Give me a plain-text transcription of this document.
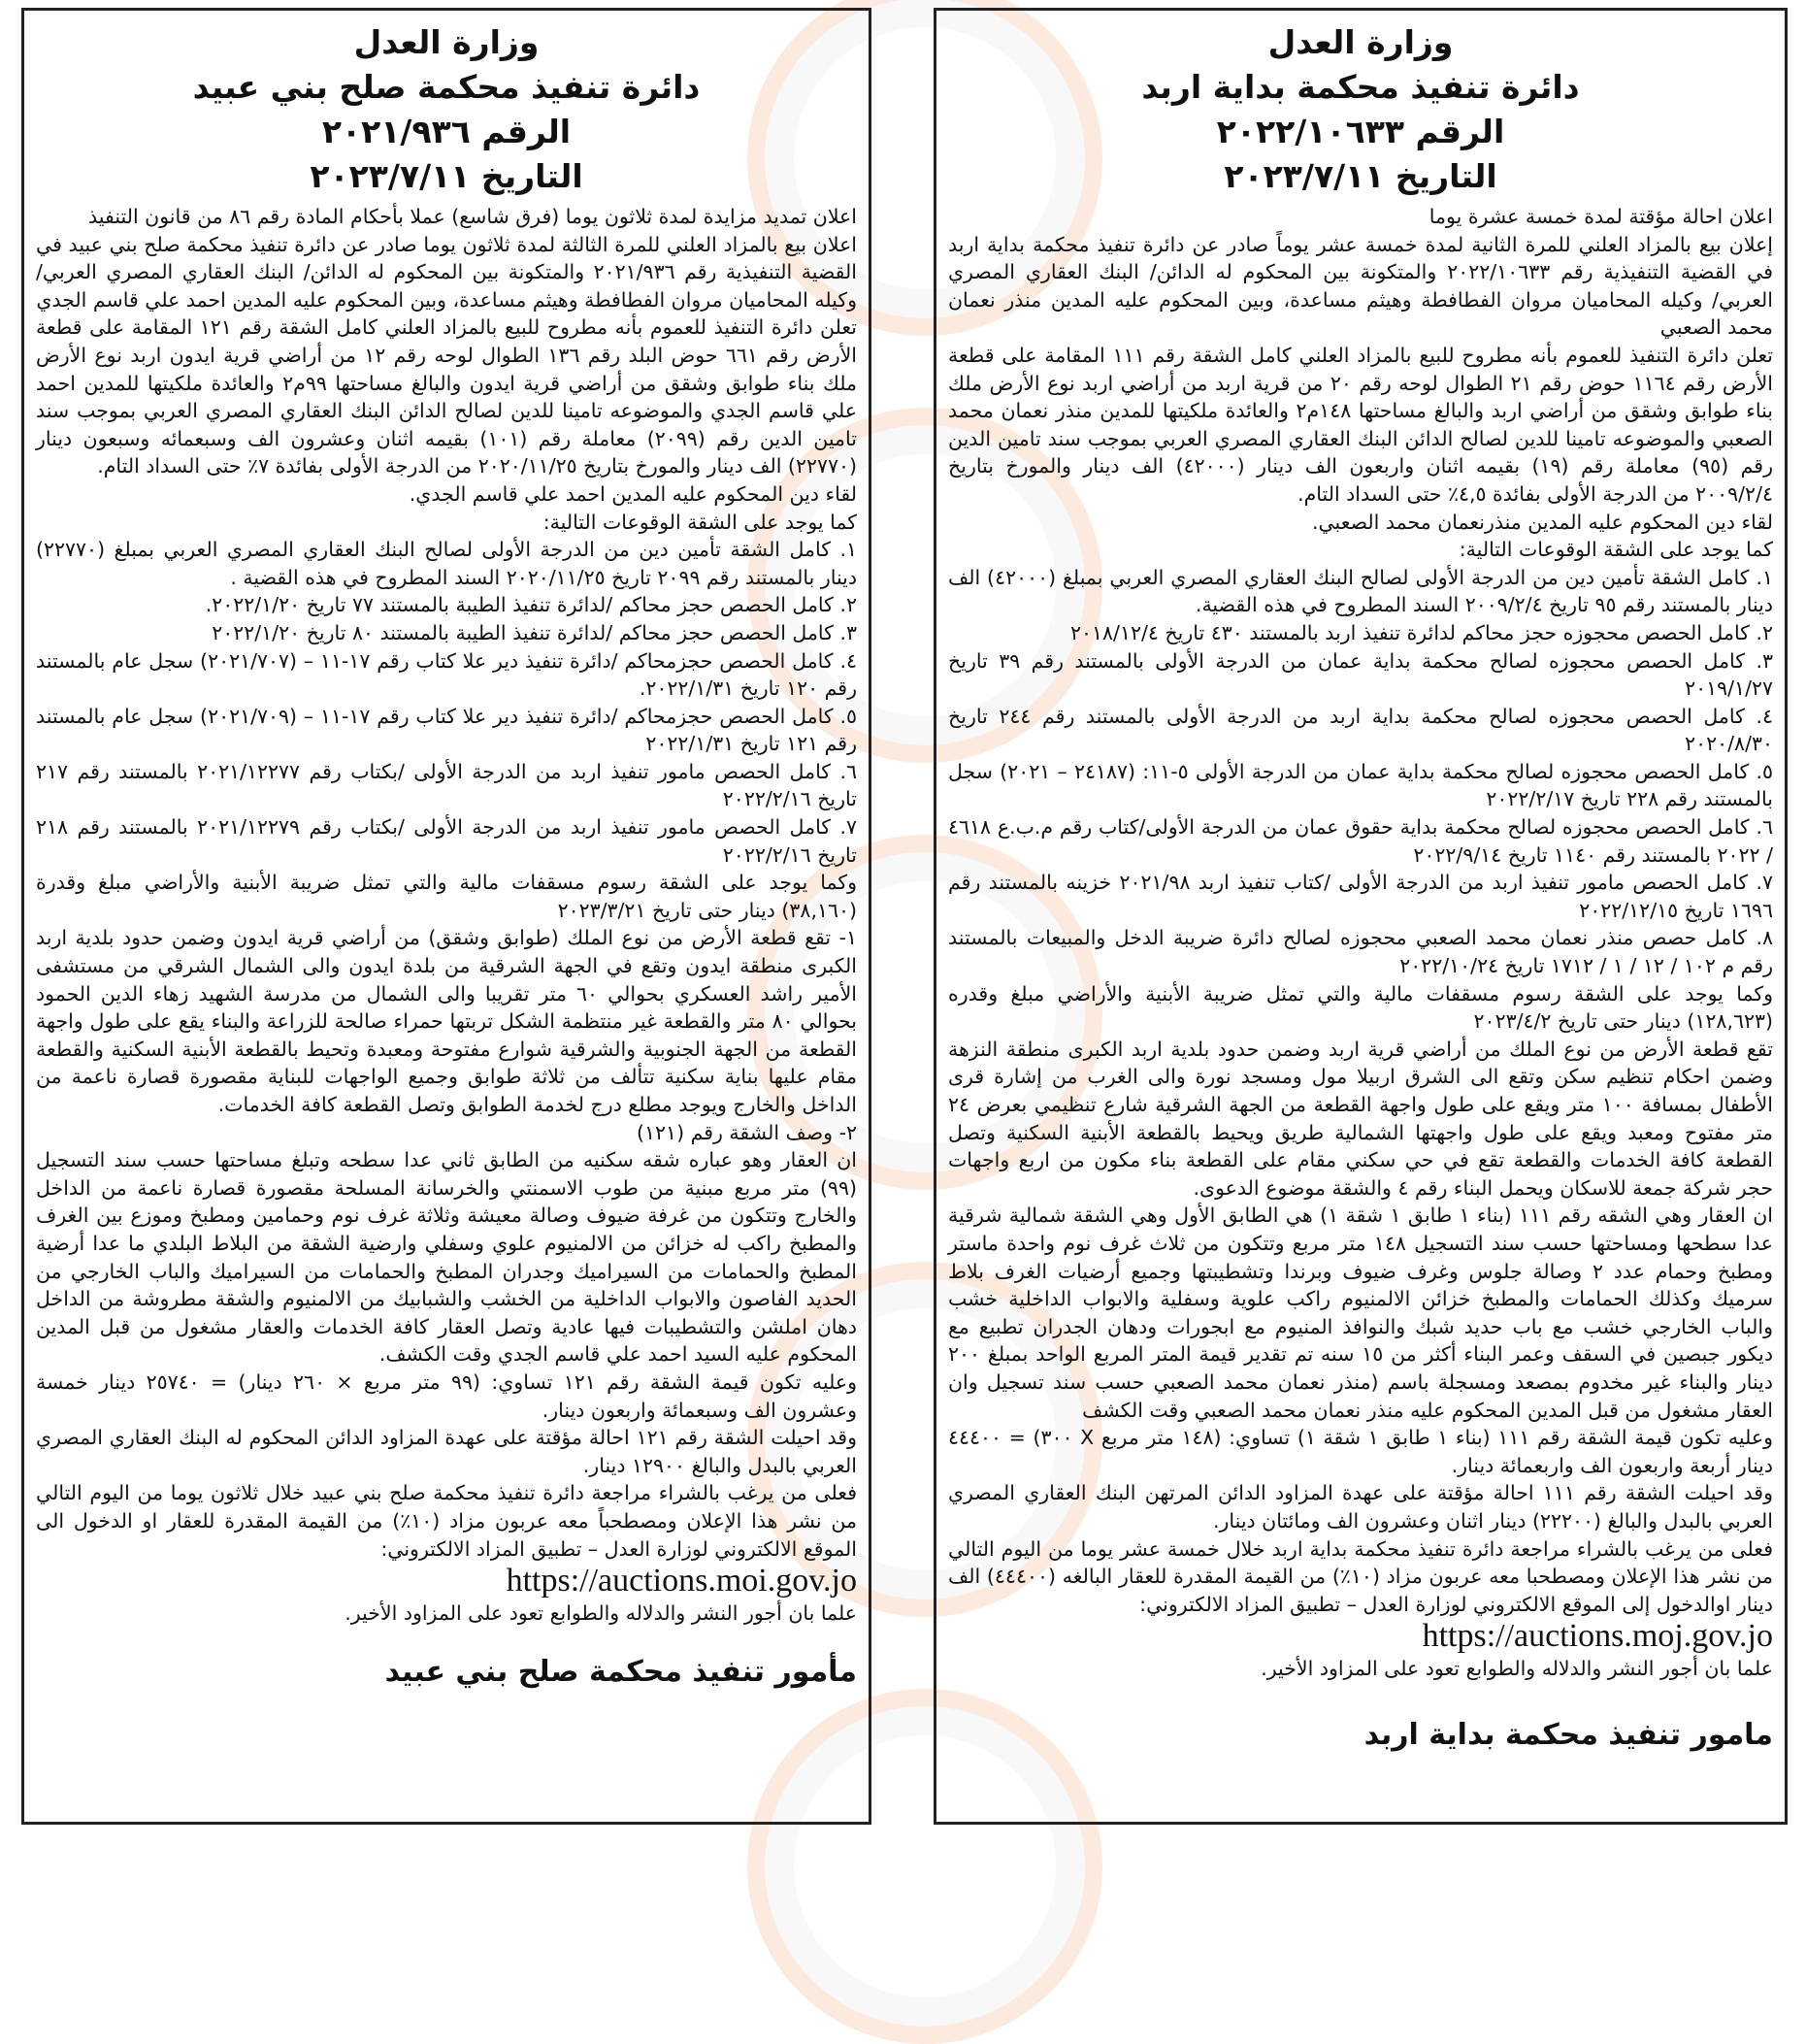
وزارة العدل
دائرة تنفيذ محكمة بداية اربد
الرقم ٢٠٢٢/١٠٦٣٣
التاريخ ٢٠٢٣/٧/١١

اعلان احالة مؤقتة لمدة خمسة عشرة يوما

إعلان بيع بالمزاد العلني للمرة الثانية لمدة خمسة عشر يوماً صادر عن دائرة تنفيذ محكمة بداية اربد في القضية التنفيذية رقم ٢٠٢٢/١٠٦٣٣ والمتكونة بين المحكوم له الدائن/ البنك العقاري المصري العربي/ وكيله المحاميان مروان الفطافطة وهيثم مساعدة، وبين المحكوم عليه المدين منذر نعمان محمد الصعبي

تعلن دائرة التنفيذ للعموم بأنه مطروح للبيع بالمزاد العلني كامل الشقة رقم ١١١ المقامة على قطعة الأرض رقم ١١٦٤ حوض رقم ٢١ الطوال لوحه رقم ٢٠ من قرية اربد من أراضي اربد نوع الأرض ملك بناء طوابق وشقق من أراضي اربد والبالغ مساحتها ١٤٨م٢ والعائدة ملكيتها للمدين منذر نعمان محمد الصعبي والموضوعه تامينا للدين لصالح الدائن البنك العقاري المصري العربي بموجب سند تامين الدين رقم (٩٥) معاملة رقم (١٩) بقيمه اثنان واربعون الف دينار (٤٢٠٠٠) الف دينار والمورخ بتاريخ ٢٠٠٩/٢/٤ من الدرجة الأولى بفائدة ٤,٥٪ حتى السداد التام.

لقاء دين المحكوم عليه المدين منذرنعمان محمد الصعبي.

كما يوجد على الشقة الوقوعات التالية:

١. كامل الشقة تأمين دين من الدرجة الأولى لصالح البنك العقاري المصري العربي بمبلغ (٤٢٠٠٠) الف دينار بالمستند رقم ٩٥ تاريخ ٢٠٠٩/٢/٤ السند المطروح في هذه القضية.

٢. كامل الحصص محجوزه حجز محاكم لدائرة تنفيذ اربد بالمستند ٤٣٠ تاريخ ٢٠١٨/١٢/٤

٣. كامل الحصص محجوزه لصالح محكمة بداية عمان من الدرجة الأولى بالمستند رقم ٣٩ تاريخ ٢٠١٩/١/٢٧

٤. كامل الحصص محجوزه لصالح محكمة بداية اربد من الدرجة الأولى بالمستند رقم ٢٤٤ تاريخ ٢٠٢٠/٨/٣٠

٥. كامل الحصص محجوزه لصالح محكمة بداية عمان من الدرجة الأولى ٥-١١: (٢٤١٨٧ – ٢٠٢١) سجل بالمستند رقم ٢٢٨ تاريخ ٢٠٢٢/٢/١٧

٦. كامل الحصص محجوزه لصالح محكمة بداية حقوق عمان من الدرجة الأولى/كتاب رقم م.ب.ع ٤٦١٨ / ٢٠٢٢ بالمستند رقم ١١٤٠ تاريخ ٢٠٢٢/٩/١٤

٧. كامل الحصص مامور تنفيذ اربد من الدرجة الأولى /كتاب تنفيذ اربد ٢٠٢١/٩٨ خزينه بالمستند رقم ١٦٩٦ تاريخ ٢٠٢٢/١٢/١٥

٨. كامل حصص منذر نعمان محمد الصعبي محجوزه لصالح دائرة ضريبة الدخل والمبيعات بالمستند رقم م ١٠٢ / ١٢ / ١ / ١٧١٢ تاريخ ٢٠٢٢/١٠/٢٤

وكما يوجد على الشقة رسوم مسقفات مالية والتي تمثل ضريبة الأبنية والأراضي مبلغ وقدره (١٢٨,٦٢٣) دينار حتى تاريخ ٢٠٢٣/٤/٢

تقع قطعة الأرض من نوع الملك من أراضي قرية اربد وضمن حدود بلدية اربد الكبرى منطقة النزهة وضمن احكام تنظيم سكن وتقع الى الشرق اربيلا مول ومسجد نورة والى الغرب من إشارة قرى الأطفال بمسافة ١٠٠ متر ويقع على طول واجهة القطعة من الجهة الشرقية شارع تنظيمي بعرض ٢٤ متر مفتوح ومعبد ويقع على طول واجهتها الشمالية طريق ويحيط بالقطعة الأبنية السكنية وتصل القطعة كافة الخدمات والقطعة تقع في حي سكني مقام على القطعة بناء مكون من اربع واجهات حجر شركة جمعة للاسكان ويحمل البناء رقم ٤ والشقة موضوع الدعوى.

ان العقار وهي الشقه رقم ١١١ (بناء ١ طابق ١ شقة ١) هي الطابق الأول وهي الشقة شمالية شرقية عدا سطحها ومساحتها حسب سند التسجيل ١٤٨ متر مربع وتتكون من ثلاث غرف نوم واحدة ماستر ومطبخ وحمام عدد ٢ وصالة جلوس وغرف ضيوف وبرندا وتشطيبتها وجميع أرضيات الغرف بلاط سرميك وكذلك الحمامات والمطبخ خزائن الالمنيوم راكب علوية وسفلية والابواب الداخلية خشب والباب الخارجي خشب مع باب حديد شبك والنوافذ المنيوم مع ابجورات ودهان الجدران تطبيع مع ديكور جبصين في السقف وعمر البناء أكثر من ١٥ سنه تم تقدير قيمة المتر المربع الواحد بمبلغ ٢٠٠ دينار والبناء غير مخدوم بمصعد ومسجلة باسم (منذر نعمان محمد الصعبي حسب سند تسجيل وان العقار مشغول من قبل المدين المحكوم عليه منذر نعمان محمد الصعبي وقت الكشف

وعليه تكون قيمة الشقة رقم ١١١ (بناء ١ طابق ١ شقة ١) تساوي: (١٤٨ متر مربع X ٣٠٠) = ٤٤٤٠٠ دينار أربعة واربعون الف واربعمائة دينار.

وقد احيلت الشقة رقم ١١١ احالة مؤقتة على عهدة المزاود الدائن المرتهن البنك العقاري المصري العربي بالبدل والبالغ (٢٢٢٠٠) دينار اثنان وعشرون الف ومائتان دينار.

فعلى من يرغب بالشراء مراجعة دائرة تنفيذ محكمة بداية اربد خلال خمسة عشر يوما من اليوم التالي من نشر هذا الإعلان ومصطحبا معه عربون مزاد (١٠٪) من القيمة المقدرة للعقار البالغه (٤٤٤٠٠) الف دينار اوالدخول إلى الموقع الالكتروني لوزارة العدل – تطبيق المزاد الالكتروني:

https://auctions.moj.gov.jo

علما بان أجور النشر والدلاله والطوابع تعود على المزاود الأخير.

مامور تنفيذ محكمة بداية اربد
وزارة العدل
دائرة تنفيذ محكمة صلح بني عبيد
الرقم ٢٠٢١/٩٣٦
التاريخ ٢٠٢٣/٧/١١

اعلان تمديد مزايدة لمدة ثلاثون يوما (فرق شاسع) عملا بأحكام المادة رقم ٨٦ من قانون التنفيذ

اعلان بيع بالمزاد العلني للمرة الثالثة لمدة ثلاثون يوما صادر عن دائرة تنفيذ محكمة صلح بني عبيد في القضية التنفيذية رقم ٢٠٢١/٩٣٦ والمتكونة بين المحكوم له الدائن/ البنك العقاري المصري العربي/ وكيله المحاميان مروان الفطافطة وهيثم مساعدة، وبين المحكوم عليه المدين احمد علي قاسم الجدي

تعلن دائرة التنفيذ للعموم بأنه مطروح للبيع بالمزاد العلني كامل الشقة رقم ١٢١ المقامة على قطعة الأرض رقم ٦٦١ حوض البلد رقم ١٣٦ الطوال لوحه رقم ١٢ من أراضي قرية ايدون اربد نوع الأرض ملك بناء طوابق وشقق من أراضي قرية ايدون والبالغ مساحتها ٩٩م٢ والعائدة ملكيتها للمدين احمد علي قاسم الجدي والموضوعه تامينا للدين لصالح الدائن البنك العقاري المصري العربي بموجب سند تامين الدين رقم (٢٠٩٩) معاملة رقم (١٠١) بقيمه اثنان وعشرون الف وسبعمائه وسبعون دينار (٢٢٧٧٠) الف دينار والمورخ بتاريخ ٢٠٢٠/١١/٢٥ من الدرجة الأولى بفائدة ٧٪ حتى السداد التام.

لقاء دين المحكوم عليه المدين احمد علي قاسم الجدي.

كما يوجد على الشقة الوقوعات التالية:

١. كامل الشقة تأمين دين من الدرجة الأولى لصالح البنك العقاري المصري العربي بمبلغ (٢٢٧٧٠) دينار بالمستند رقم ٢٠٩٩ تاريخ ٢٠٢٠/١١/٢٥ السند المطروح في هذه القضية .

٢. كامل الحصص حجز محاكم /لدائرة تنفيذ الطيبة بالمستند ٧٧ تاريخ ٢٠٢٢/١/٢٠.

٣. كامل الحصص حجز محاكم /لدائرة تنفيذ الطيبة بالمستند ٨٠ تاريخ ٢٠٢٢/١/٢٠

٤. كامل الحصص حجزمحاكم /دائرة تنفيذ دير علا كتاب رقم ١٧-١١ – (٢٠٢١/٧٠٧) سجل عام بالمستند رقم ١٢٠ تاريخ ٢٠٢٢/١/٣١.

٥. كامل الحصص حجزمحاكم /دائرة تنفيذ دير علا كتاب رقم ١٧-١١ – (٢٠٢١/٧٠٩) سجل عام بالمستند رقم ١٢١ تاريخ ٢٠٢٢/١/٣١

٦. كامل الحصص مامور تنفيذ اربد من الدرجة الأولى /بكتاب رقم ٢٠٢١/١٢٢٧٧ بالمستند رقم ٢١٧ تاريخ ٢٠٢٢/٢/١٦

٧. كامل الحصص مامور تنفيذ اربد من الدرجة الأولى /بكتاب رقم ٢٠٢١/١٢٢٧٩ بالمستند رقم ٢١٨ تاريخ ٢٠٢٢/٢/١٦

وكما يوجد على الشقة رسوم مسقفات مالية والتي تمثل ضريبة الأبنية والأراضي مبلغ وقدرة (٣٨,١٦٠) دينار حتى تاريخ ٢٠٢٣/٣/٢١

١- تقع قطعة الأرض من نوع الملك (طوابق وشقق) من أراضي قرية ايدون وضمن حدود بلدية اربد الكبرى منطقة ايدون وتقع في الجهة الشرقية من بلدة ايدون والى الشمال الشرقي من مستشفى الأمير راشد العسكري بحوالي ٦٠ متر تقريبا والى الشمال من مدرسة الشهيد زهاء الدين الحمود بحوالي ٨٠ متر والقطعة غير منتظمة الشكل تربتها حمراء صالحة للزراعة والبناء يقع على طول واجهة القطعة من الجهة الجنوبية والشرقية شوارع مفتوحة ومعبدة وتحيط بالقطعة الأبنية السكنية والقطعة مقام عليها بناية سكنية تتألف من ثلاثة طوابق وجميع الواجهات للبناية مقصورة قصارة ناعمة من الداخل والخارج ويوجد مطلع درج لخدمة الطوابق وتصل القطعة كافة الخدمات.

٢- وصف الشقة رقم (١٢١)

ان العقار وهو عباره شقه سكنيه من الطابق ثاني عدا سطحه وتبلغ مساحتها حسب سند التسجيل (٩٩) متر مربع مبنية من طوب الاسمنتي والخرسانة المسلحة مقصورة قصارة ناعمة من الداخل والخارج وتتكون من غرفة ضيوف وصالة معيشة وثلاثة غرف نوم وحمامين ومطبخ وموزع بين الغرف والمطبخ راكب له خزائن من الالمنيوم علوي وسفلي وارضية الشقة من البلاط البلدي ما عدا أرضية المطبخ والحمامات من السيراميك وجدران المطبخ والحمامات من السيراميك والباب الخارجي من الحديد الفاصون والابواب الداخلية من الخشب والشبابيك من الالمنيوم والشقة مطروشة من الداخل دهان املشن والتشطيبات فيها عادية وتصل العقار كافة الخدمات والعقار مشغول من قبل المدين المحكوم عليه السيد احمد علي قاسم الجدي وقت الكشف.

وعليه تكون قيمة الشقة رقم ١٢١ تساوي: (٩٩ متر مربع × ٢٦٠ دينار) = ٢٥٧٤٠ دينار خمسة وعشرون الف وسبعمائة واربعون دينار.

وقد احيلت الشقة رقم ١٢١ احالة مؤقتة على عهدة المزاود الدائن المحكوم له البنك العقاري المصري العربي بالبدل والبالغ ١٢٩٠٠ دينار.

فعلى من يرغب بالشراء مراجعة دائرة تنفيذ محكمة صلح بني عبيد خلال ثلاثون يوما من اليوم التالي من نشر هذا الإعلان ومصطحباً معه عربون مزاد (١٠٪) من القيمة المقدرة للعقار او الدخول الى الموقع الالكتروني لوزارة العدل – تطبيق المزاد الالكتروني:

https://auctions.moi.gov.jo

علما بان أجور النشر والدلاله والطوابع تعود على المزاود الأخير.

مأمور تنفيذ محكمة صلح بني عبيد
